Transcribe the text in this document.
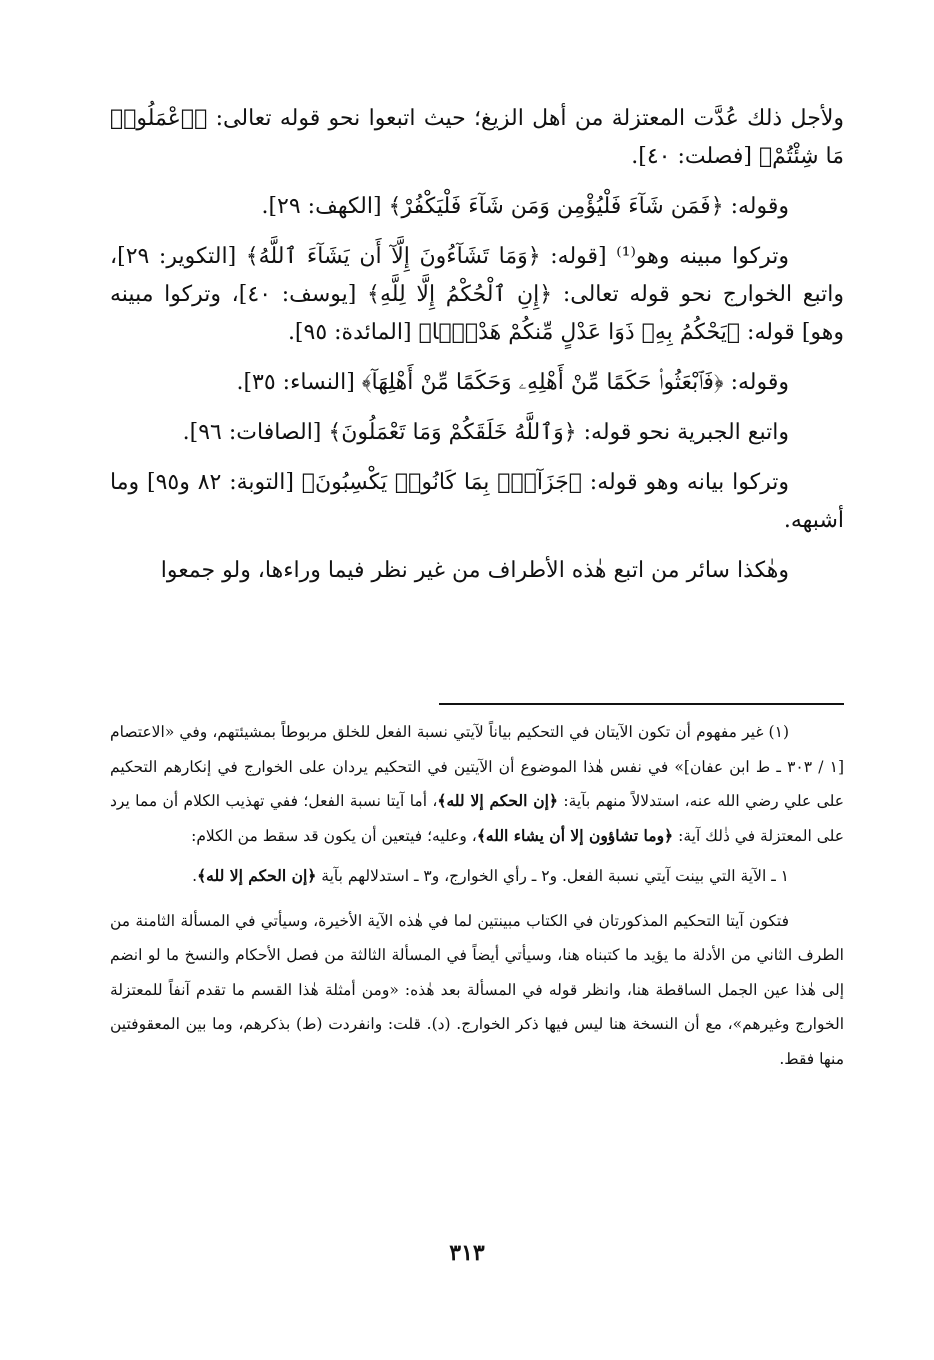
ولأجل ذلك عُدَّت المعتزلة من أهل الزيغ؛ حيث اتبعوا نحو قوله تعالى: ﴿ٱعْمَلُوا۟ مَا شِئْتُمْ﴾ [فصلت: ٤٠].

وقوله: ﴿فَمَن شَآءَ فَلْيُؤْمِن وَمَن شَآءَ فَلْيَكْفُرْ﴾ [الكهف: ٢٩].

وتركوا مبينه وهو⁽¹⁾ [قوله: ﴿وَمَا تَشَآءُونَ إِلَّآ أَن يَشَآءَ ٱللَّهُ﴾ [التكوير: ٢٩]، واتبع الخوارج نحو قوله تعالى: ﴿إِنِ ٱلْحُكْمُ إِلَّا لِلَّهِ﴾ [يوسف: ٤٠]، وتركوا مبينه وهو] قوله: ﴿يَحْكُمُ بِهِۦ ذَوَا عَدْلٍ مِّنكُمْ هَدْيًۢا﴾ [المائدة: ٩٥].

وقوله: ﴿فَٱبْعَثُوا۟ حَكَمًا مِّنْ أَهْلِهِۦ وَحَكَمًا مِّنْ أَهْلِهَآ﴾ [النساء: ٣٥].

واتبع الجبرية نحو قوله: ﴿وَٱللَّهُ خَلَقَكُمْ وَمَا تَعْمَلُونَ﴾ [الصافات: ٩٦].

وتركوا بيانه وهو قوله: ﴿جَزَآءًۢ بِمَا كَانُوا۟ يَكْسِبُونَ﴾ [التوبة: ٨٢ و٩٥] وما أشبهه.

وهٰكذا سائر من اتبع هٰذه الأطراف من غير نظر فيما وراءها، ولو جمعوا

(١) غير مفهوم أن تكون الآيتان في التحكيم بياناً لآيتي نسبة الفعل للخلق مربوطاً بمشيئتهم، وفي «الاعتصام [١ / ٣٠٣ ـ ط ابن عفان]» في نفس هٰذا الموضوع أن الآيتين في التحكيم يردان على الخوارج في إنكارهم التحكيم على علي رضي الله عنه، استدلالاً منهم بآية: ﴿إن الحكم إلا لله﴾، أما آيتا نسبة الفعل؛ ففي تهذيب الكلام أن مما يرد على المعتزلة في ذٰلك آية: ﴿وما تشاؤون إلا أن يشاء الله﴾، وعليه؛ فيتعين أن يكون قد سقط من الكلام:

١ ـ الآية التي بينت آيتي نسبة الفعل. و٢ ـ رأي الخوارج، و٣ ـ استدلالهم بآية ﴿إن الحكم إلا لله﴾.

فتكون آيتا التحكيم المذكورتان في الكتاب مبينتين لما في هٰذه الآية الأخيرة، وسيأتي في المسألة الثامنة من الطرف الثاني من الأدلة ما يؤيد ما كتبناه هنا، وسيأتي أيضاً في المسألة الثالثة من فصل الأحكام والنسخ ما لو انضم إلى هٰذا عين الجمل الساقطة هنا، وانظر قوله في المسألة بعد هٰذه: «ومن أمثلة هٰذا القسم ما تقدم آنفاً للمعتزلة الخوارج وغيرهم»، مع أن النسخة هنا ليس فيها ذكر الخوارج. (د). قلت: وانفردت (ط) بذكرهم، وما بين المعقوفتين منها فقط.

٣١٣
